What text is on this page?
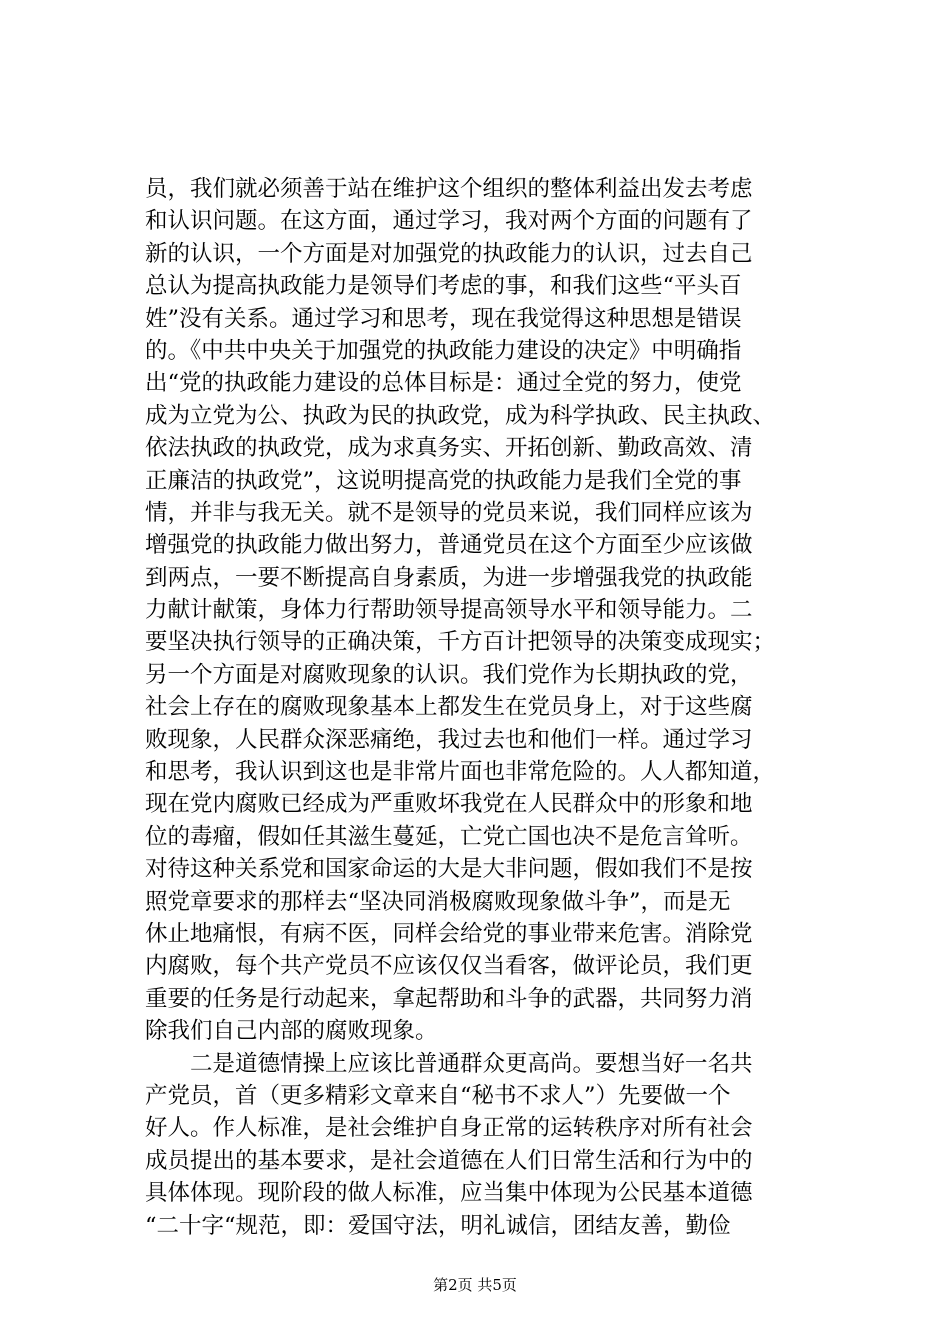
员，我们就必须善于站在维护这个组织的整体利益出发去考虑
和认识问题。在这方面，通过学习，我对两个方面的问题有了
新的认识，一个方面是对加强党的执政能力的认识，过去自己
总认为提高执政能力是领导们考虑的事，和我们这些“平头百
姓”没有关系。通过学习和思考，现在我觉得这种思想是错误
的。《中共中央关于加强党的执政能力建设的决定》中明确指
出“党的执政能力建设的总体目标是：通过全党的努力，使党
成为立党为公、执政为民的执政党，成为科学执政、民主执政、
依法执政的执政党，成为求真务实、开拓创新、勤政高效、清
正廉洁的执政党”，这说明提高党的执政能力是我们全党的事
情，并非与我无关。就不是领导的党员来说，我们同样应该为
增强党的执政能力做出努力，普通党员在这个方面至少应该做
到两点，一要不断提高自身素质，为进一步增强我党的执政能
力献计献策，身体力行帮助领导提高领导水平和领导能力。二
要坚决执行领导的正确决策，千方百计把领导的决策变成现实；
另一个方面是对腐败现象的认识。我们党作为长期执政的党，
社会上存在的腐败现象基本上都发生在党员身上，对于这些腐
败现象，人民群众深恶痛绝，我过去也和他们一样。通过学习
和思考，我认识到这也是非常片面也非常危险的。人人都知道，
现在党内腐败已经成为严重败坏我党在人民群众中的形象和地
位的毒瘤，假如任其滋生蔓延，亡党亡国也决不是危言耸听。
对待这种关系党和国家命运的大是大非问题，假如我们不是按
照党章要求的那样去“坚决同消极腐败现象做斗争”，而是无
休止地痛恨，有病不医，同样会给党的事业带来危害。消除党
内腐败，每个共产党员不应该仅仅当看客，做评论员，我们更
重要的任务是行动起来，拿起帮助和斗争的武器，共同努力消
除我们自己内部的腐败现象。
　　二是道德情操上应该比普通群众更高尚。要想当好一名共
产党员，首（更多精彩文章来自“秘书不求人”）先要做一个
好人。作人标准，是社会维护自身正常的运转秩序对所有社会
成员提出的基本要求，是社会道德在人们日常生活和行为中的
具体体现。现阶段的做人标准，应当集中体现为公民基本道德
“二十字“规范，即：爱国守法，明礼诚信，团结友善，勤俭
第2页 共5页
